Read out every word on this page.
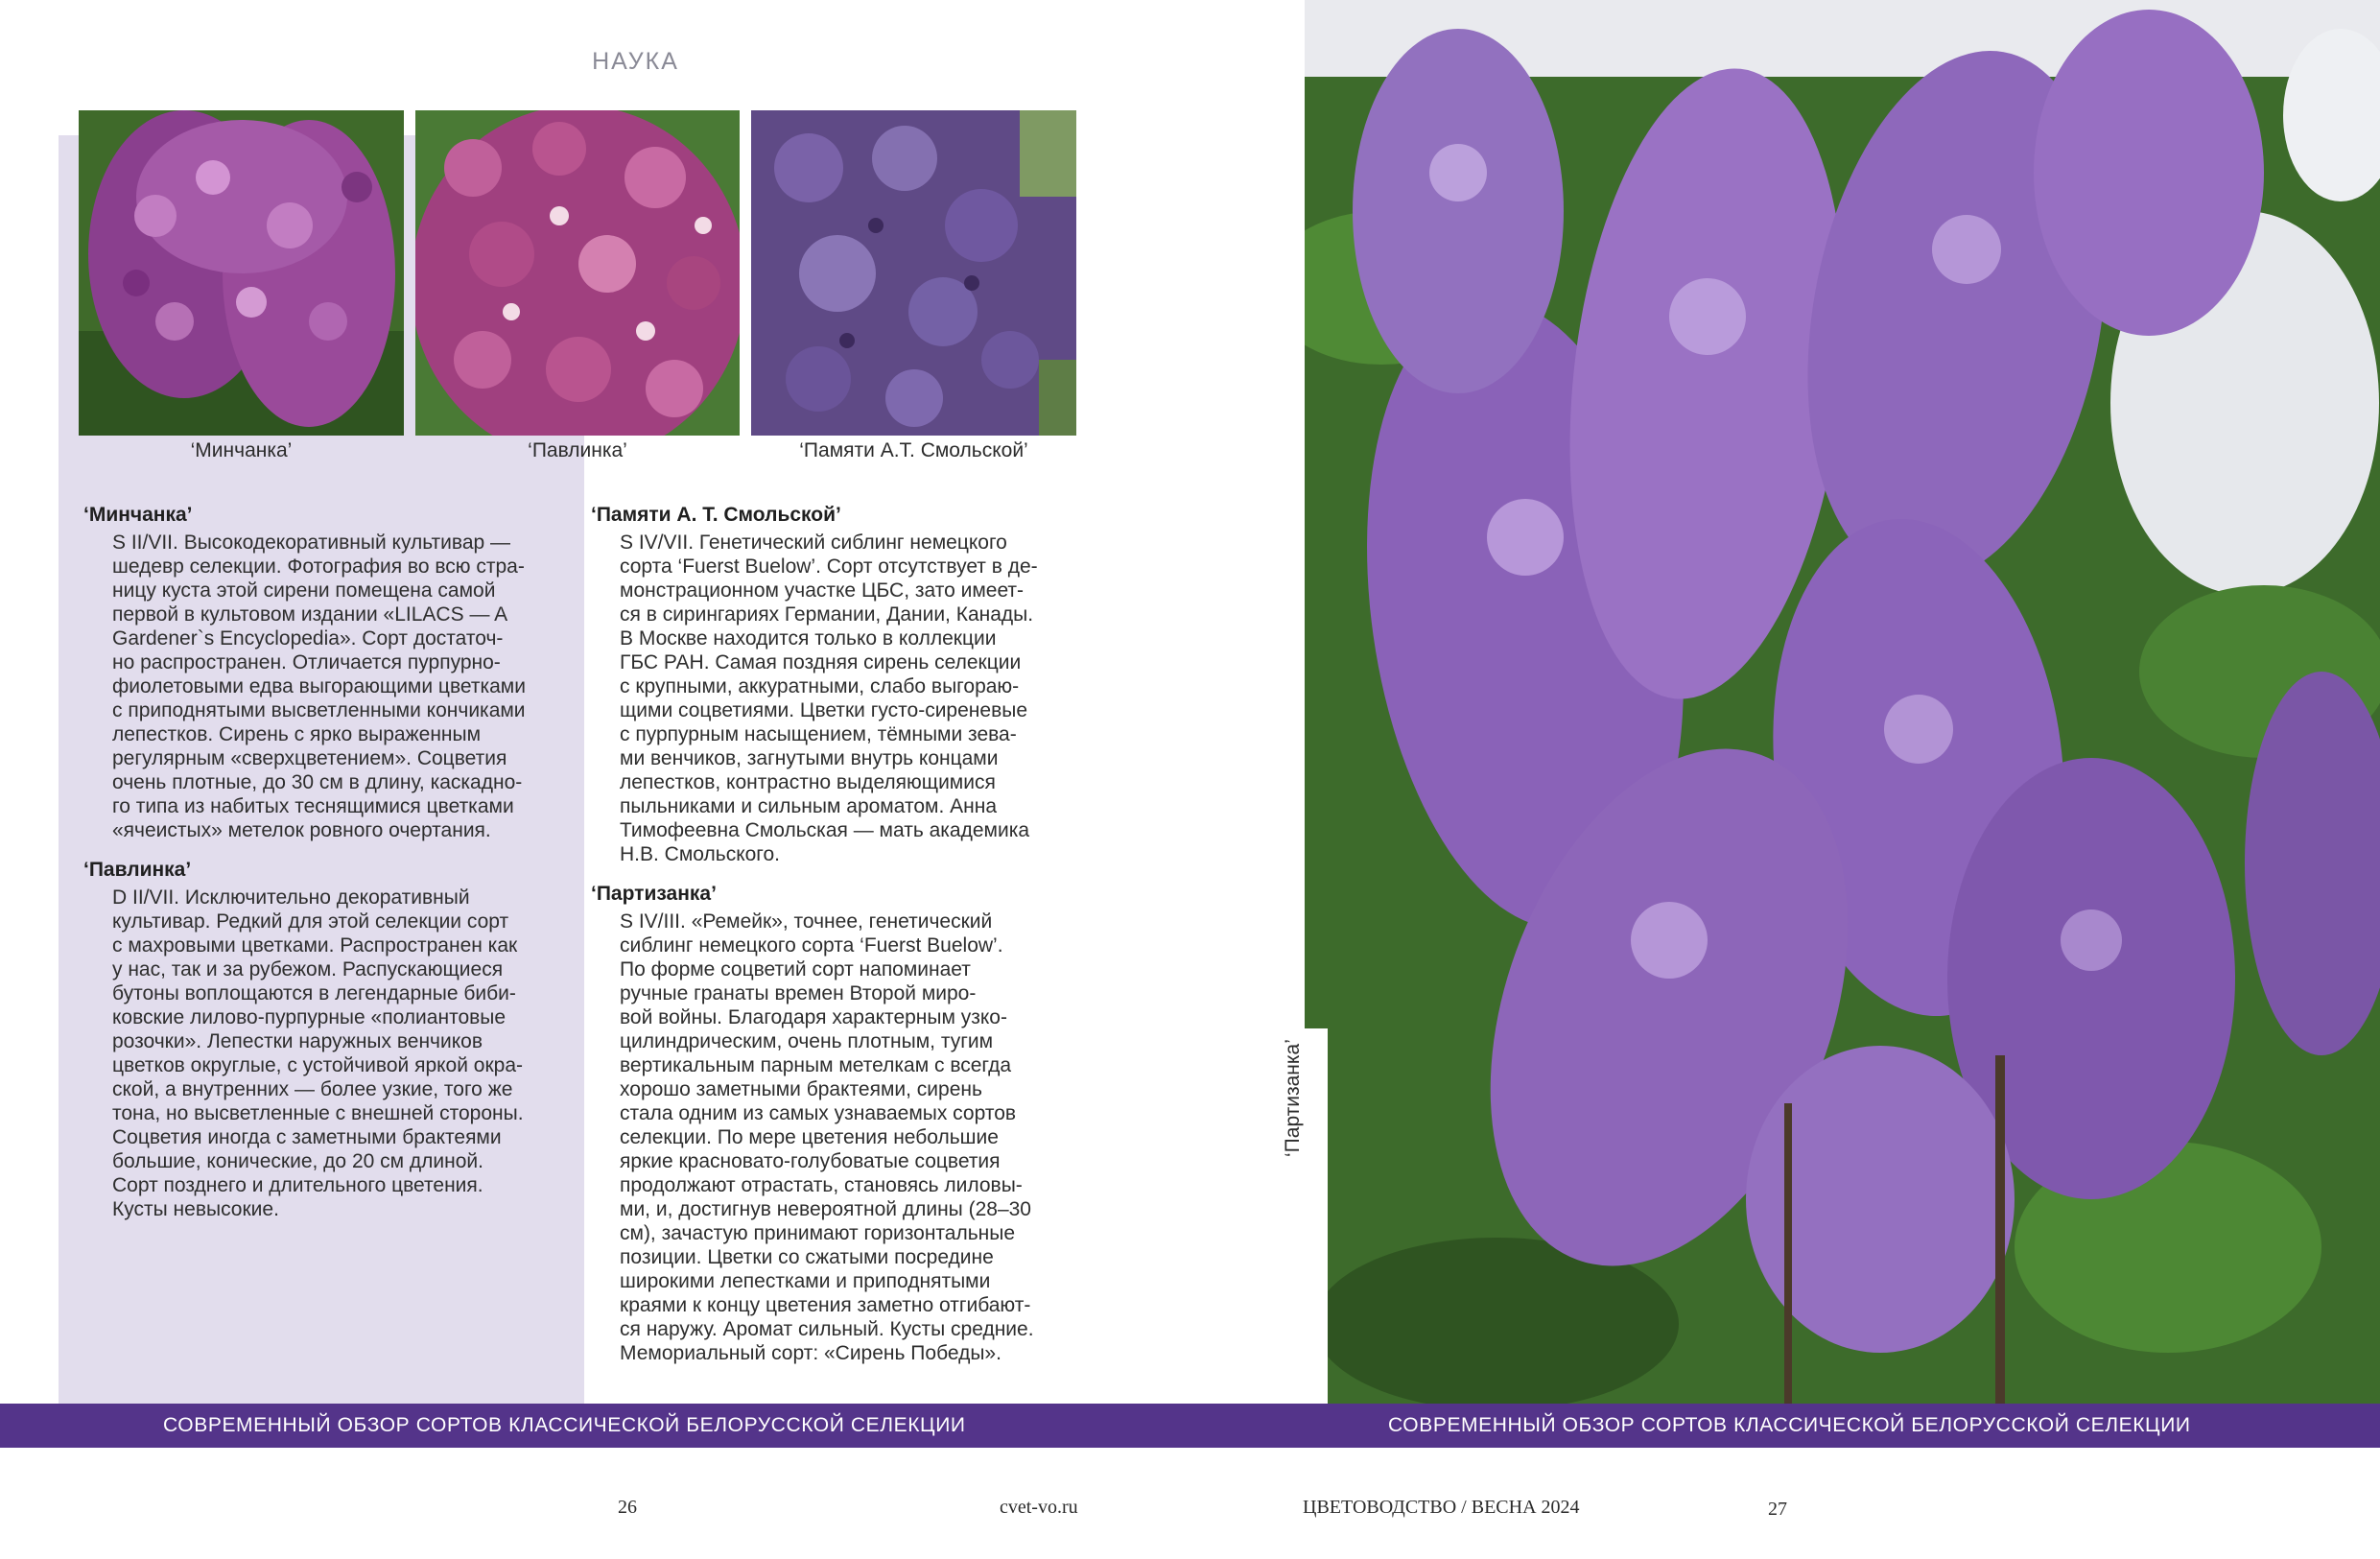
НАУКА
‘Минчанка’	‘Павлинка’	‘Памяти А.Т. Смольской’
‘Минчанка’
S II/VII. Высокодекоративный культивар —
шедевр селекции. Фотография во всю стра-
ницу куста этой сирени помещена самой
первой в культовом издании «LILACS — A
Gardener`s Encyclopedia». Сорт достаточ-
но распространен. Отличается пурпурно-
фиолетовыми едва выгорающими цветками
с приподнятыми высветленными кончиками
лепестков. Сирень с ярко выраженным
регулярным «сверхцветением». Соцветия
очень плотные, до 30 см в длину, каскадно-
го типа из набитых теснящимися цветками
«ячеистых» метелок ровного очертания.
‘Павлинка’
D II/VII. Исключительно декоративный
культивар. Редкий для этой селекции сорт
с махровыми цветками. Распространен как
у нас, так и за рубежом. Распускающиеся
бутоны воплощаются в легендарные биби-
ковские лилово-пурпурные «полиантовые
розочки». Лепестки наружных венчиков
цветков округлые, с устойчивой яркой окра-
ской, а внутренних — более узкие, того же
тона, но высветленные с внешней стороны.
Соцветия иногда с заметными брактеями
большие, конические, до 20 см длиной.
Сорт позднего и длительного цветения.
Кусты невысокие.
‘Памяти А. Т. Смольской’
S IV/VII. Генетический сиблинг немецкого
сорта ‘Fuerst Buelow’. Сорт отсутствует в де-
монстрационном участке ЦБС, зато имеет-
ся в сирингариях Германии, Дании, Канады.
В Москве находится только в коллекции
ГБС РАН. Самая поздняя сирень селекции
с крупными, аккуратными, слабо выгораю-
щими соцветиями. Цветки густо-сиреневые
с пурпурным насыщением, тёмными зева-
ми венчиков, загнутыми внутрь концами
лепестков, контрастно выделяющимися
пыльниками и сильным ароматом. Анна
Тимофеевна Смольская — мать академика
Н.В. Смольского.
‘Партизанка’
S IV/III. «Ремейк», точнее, генетический
сиблинг немецкого сорта ‘Fuerst Buelow’.
По форме соцветий сорт напоминает
ручные гранаты времен Второй миро-
вой войны. Благодаря характерным узко-
цилиндрическим, очень плотным, тугим
вертикальным парным метелкам с всегда
хорошо заметными брактеями, сирень
стала одним из самых узнаваемых сортов
селекции. По мере цветения небольшие
яркие красновато-голубоватые соцветия
продолжают отрастать, становясь лиловы-
ми, и, достигнув невероятной длины (28–30
см), зачастую принимают горизонтальные
позиции. Цветки со сжатыми посредине
широкими лепестками и приподнятыми
краями к концу цветения заметно отгибают-
ся наружу. Аромат сильный. Кусты средние.
Мемориальный сорт: «Сирень Победы».
‘Партизанка’
СОВРЕМЕННЫЙ ОБЗОР СОРТОВ КЛАССИЧЕСКОЙ БЕЛОРУССКОЙ СЕЛЕКЦИИ	СОВРЕМЕННЫЙ ОБЗОР СОРТОВ КЛАССИЧЕСКОЙ БЕЛОРУССКОЙ СЕЛЕКЦИИ
26	cvet-vo.ru	ЦВЕТОВОДСТВО / ВЕСНА 2024	27
